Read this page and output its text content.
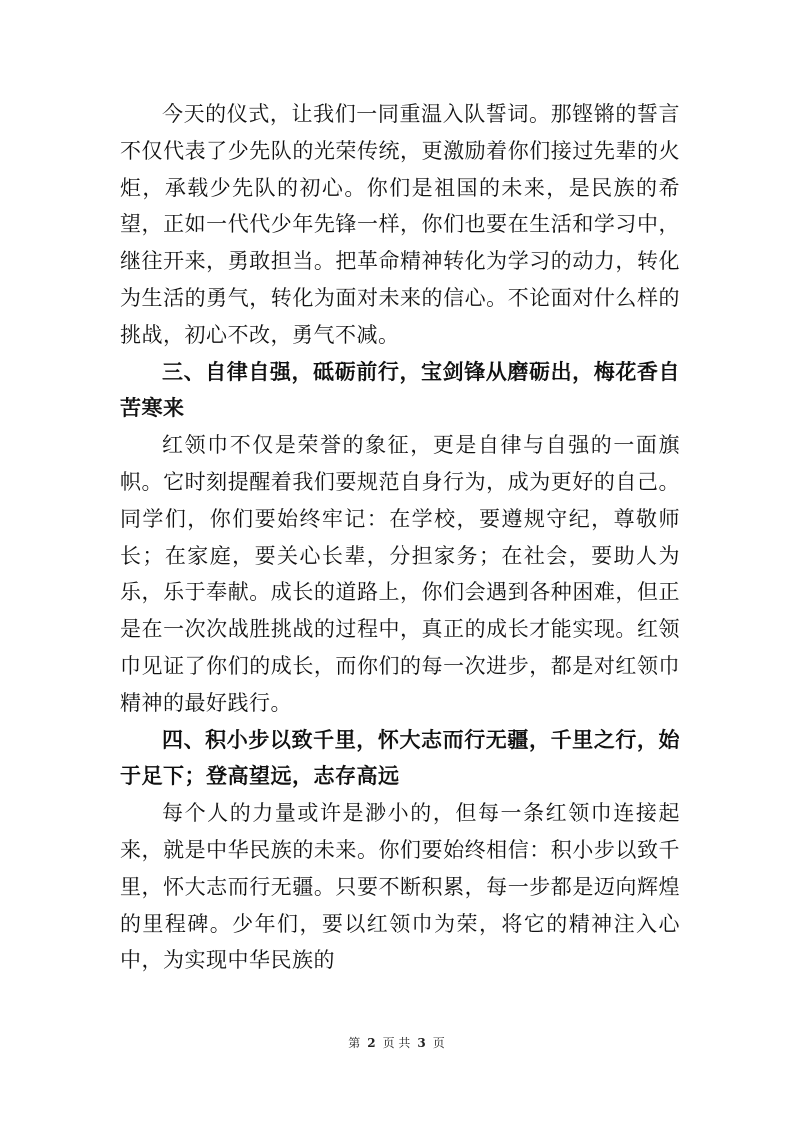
今天的仪式，让我们一同重温入队誓词。那铿锵的誓言不仅代表了少先队的光荣传统，更激励着你们接过先辈的火炬，承载少先队的初心。你们是祖国的未来，是民族的希望，正如一代代少年先锋一样，你们也要在生活和学习中，继往开来，勇敢担当。把革命精神转化为学习的动力，转化为生活的勇气，转化为面对未来的信心。不论面对什么样的挑战，初心不改，勇气不减。

三、自律自强，砥砺前行，宝剑锋从磨砺出，梅花香自苦寒来

红领巾不仅是荣誉的象征，更是自律与自强的一面旗帜。它时刻提醒着我们要规范自身行为，成为更好的自己。同学们，你们要始终牢记：在学校，要遵规守纪，尊敬师长；在家庭，要关心长辈，分担家务；在社会，要助人为乐，乐于奉献。成长的道路上，你们会遇到各种困难，但正是在一次次战胜挑战的过程中，真正的成长才能实现。红领巾见证了你们的成长，而你们的每一次进步，都是对红领巾精神的最好践行。

四、积小步以致千里，怀大志而行无疆，千里之行，始于足下；登高望远，志存高远

每个人的力量或许是渺小的，但每一条红领巾连接起来，就是中华民族的未来。你们要始终相信：积小步以致千里，怀大志而行无疆。只要不断积累，每一步都是迈向辉煌的里程碑。少年们，要以红领巾为荣，将它的精神注入心中，为实现中华民族的

第 2 页 共 3 页
